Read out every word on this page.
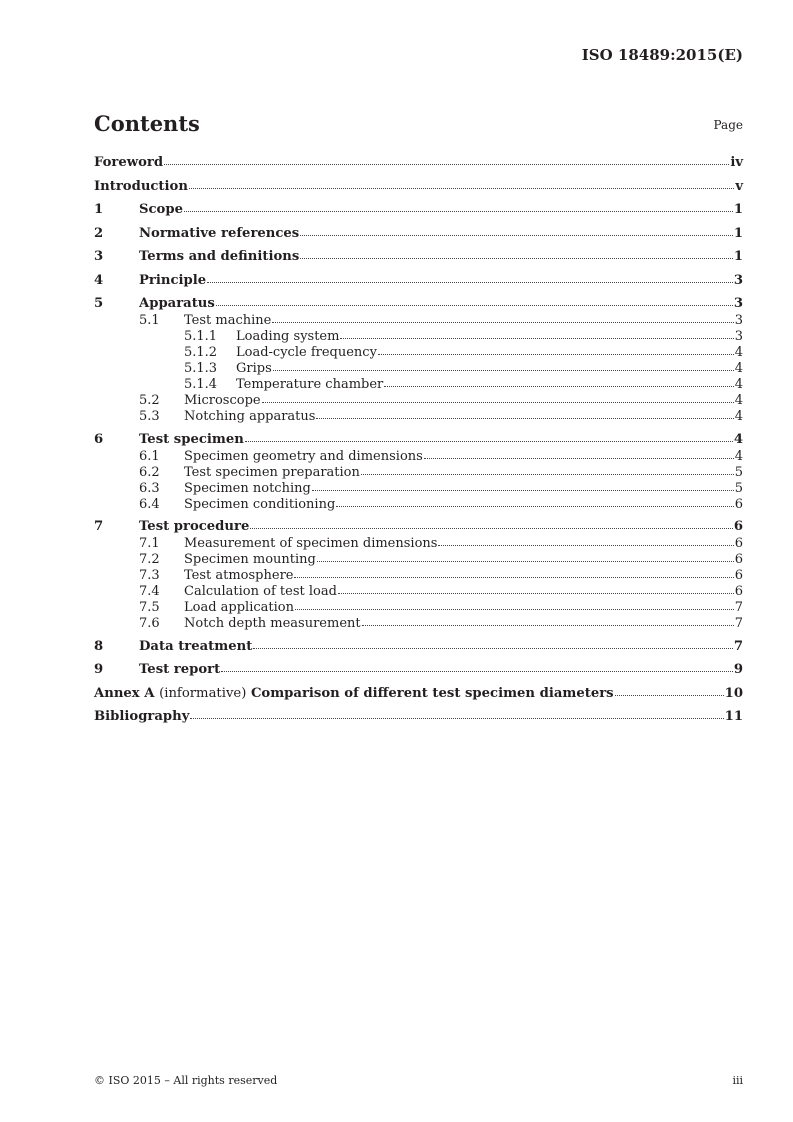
ISO 18489:2015(E)
Contents	Page
Foreword	iv
Introduction	v
1	Scope	1
2	Normative references	1
3	Terms and definitions	1
4	Principle	3
5	Apparatus	3
5.1	Test machine	3
5.1.1	Loading system	3
5.1.2	Load-cycle frequency	4
5.1.3	Grips	4
5.1.4	Temperature chamber	4
5.2	Microscope	4
5.3	Notching apparatus	4
6	Test specimen	4
6.1	Specimen geometry and dimensions	4
6.2	Test specimen preparation	5
6.3	Specimen notching	5
6.4	Specimen conditioning	6
7	Test procedure	6
7.1	Measurement of specimen dimensions	6
7.2	Specimen mounting	6
7.3	Test atmosphere	6
7.4	Calculation of test load	6
7.5	Load application	7
7.6	Notch depth measurement	7
8	Data treatment	7
9	Test report	9
Annex A (informative) Comparison of different test specimen diameters	10
Bibliography	11
© ISO 2015 – All rights reserved	iii
